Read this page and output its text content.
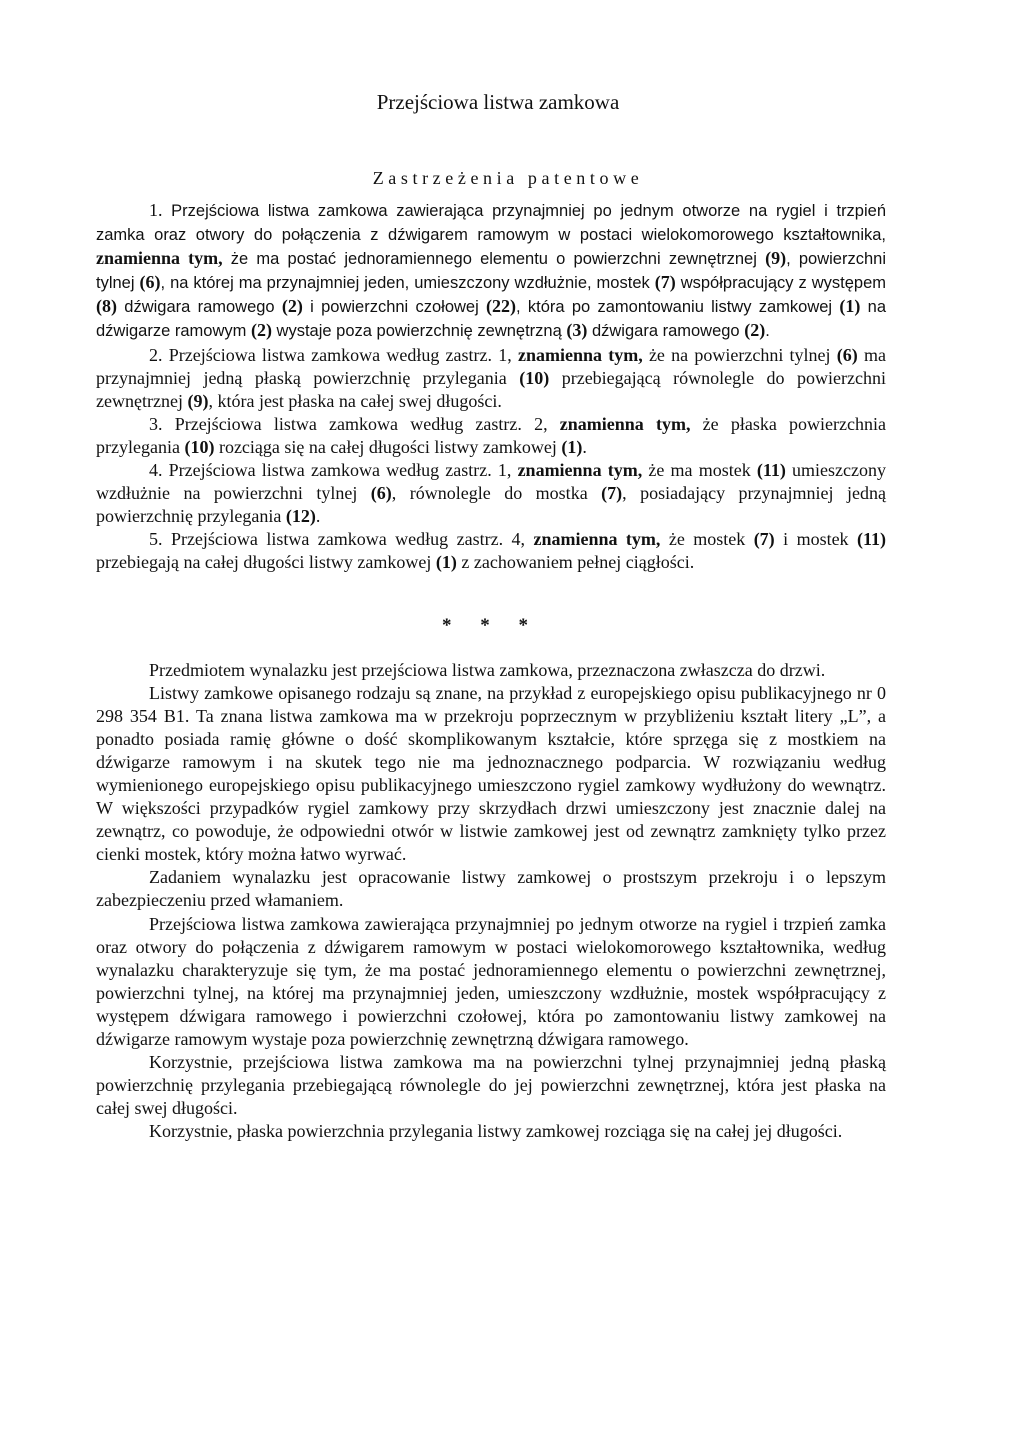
Przejściowa listwa zamkowa
Zastrzeżenia patentowe

1. Przejściowa listwa zamkowa zawierająca przynajmniej po jednym otworze na rygiel i trzpień zamka oraz otwory do połączenia z dźwigarem ramowym w postaci wielokomorowego kształtownika, znamienna tym, że ma postać jednoramiennego elementu o powierzchni zewnętrznej (9), powierzchni tylnej (6), na której ma przynajmniej jeden, umieszczony wzdłużnie, mostek (7) współpracujący z występem (8) dźwigara ramowego (2) i powierzchni czołowej (22), która po zamontowaniu listwy zamkowej (1) na dźwigarze ramowym (2) wystaje poza powierzchnię zewnętrzną (3) dźwigara ramowego (2).

2. Przejściowa listwa zamkowa według zastrz. 1, znamienna tym, że na powierzchni tylnej (6) ma przynajmniej jedną płaską powierzchnię przylegania (10) przebiegającą równolegle do powierzchni zewnętrznej (9), która jest płaska na całej swej długości.

3. Przejściowa listwa zamkowa według zastrz. 2, znamienna tym, że płaska powierzchnia przylegania (10) rozciąga się na całej długości listwy zamkowej (1).

4. Przejściowa listwa zamkowa według zastrz. 1, znamienna tym, że ma mostek (11) umieszczony wzdłużnie na powierzchni tylnej (6), równolegle do mostka (7), posiadający przynajmniej jedną powierzchnię przylegania (12).

5. Przejściowa listwa zamkowa według zastrz. 4, znamienna tym, że mostek (7) i mostek (11) przebiegają na całej długości listwy zamkowej (1) z zachowaniem pełnej ciągłości.

* * *

Przedmiotem wynalazku jest przejściowa listwa zamkowa, przeznaczona zwłaszcza do drzwi.

Listwy zamkowe opisanego rodzaju są znane, na przykład z europejskiego opisu publikacyjnego nr 0 298 354 B1. Ta znana listwa zamkowa ma w przekroju poprzecznym w przybliżeniu kształt litery „L”, a ponadto posiada ramię główne o dość skomplikowanym kształcie, które sprzęga się z mostkiem na dźwigarze ramowym i na skutek tego nie ma jednoznacznego podparcia. W rozwiązaniu według wymienionego europejskiego opisu publikacyjnego umieszczono rygiel zamkowy wydłużony do wewnątrz. W większości przypadków rygiel zamkowy przy skrzydłach drzwi umieszczony jest znacznie dalej na zewnątrz, co powoduje, że odpowiedni otwór w listwie zamkowej jest od zewnątrz zamknięty tylko przez cienki mostek, który można łatwo wyrwać.

Zadaniem wynalazku jest opracowanie listwy zamkowej o prostszym przekroju i o lepszym zabezpieczeniu przed włamaniem.

Przejściowa listwa zamkowa zawierająca przynajmniej po jednym otworze na rygiel i trzpień zamka oraz otwory do połączenia z dźwigarem ramowym w postaci wielokomorowego kształtownika, według wynalazku charakteryzuje się tym, że ma postać jednoramiennego elementu o powierzchni zewnętrznej, powierzchni tylnej, na której ma przynajmniej jeden, umieszczony wzdłużnie, mostek współpracujący z występem dźwigara ramowego i powierzchni czołowej, która po zamontowaniu listwy zamkowej na dźwigarze ramowym wystaje poza powierzchnię zewnętrzną dźwigara ramowego.

Korzystnie, przejściowa listwa zamkowa ma na powierzchni tylnej przynajmniej jedną płaską powierzchnię przylegania przebiegającą równolegle do jej powierzchni zewnętrznej, która jest płaska na całej swej długości.

Korzystnie, płaska powierzchnia przylegania listwy zamkowej rozciąga się na całej jej długości.
